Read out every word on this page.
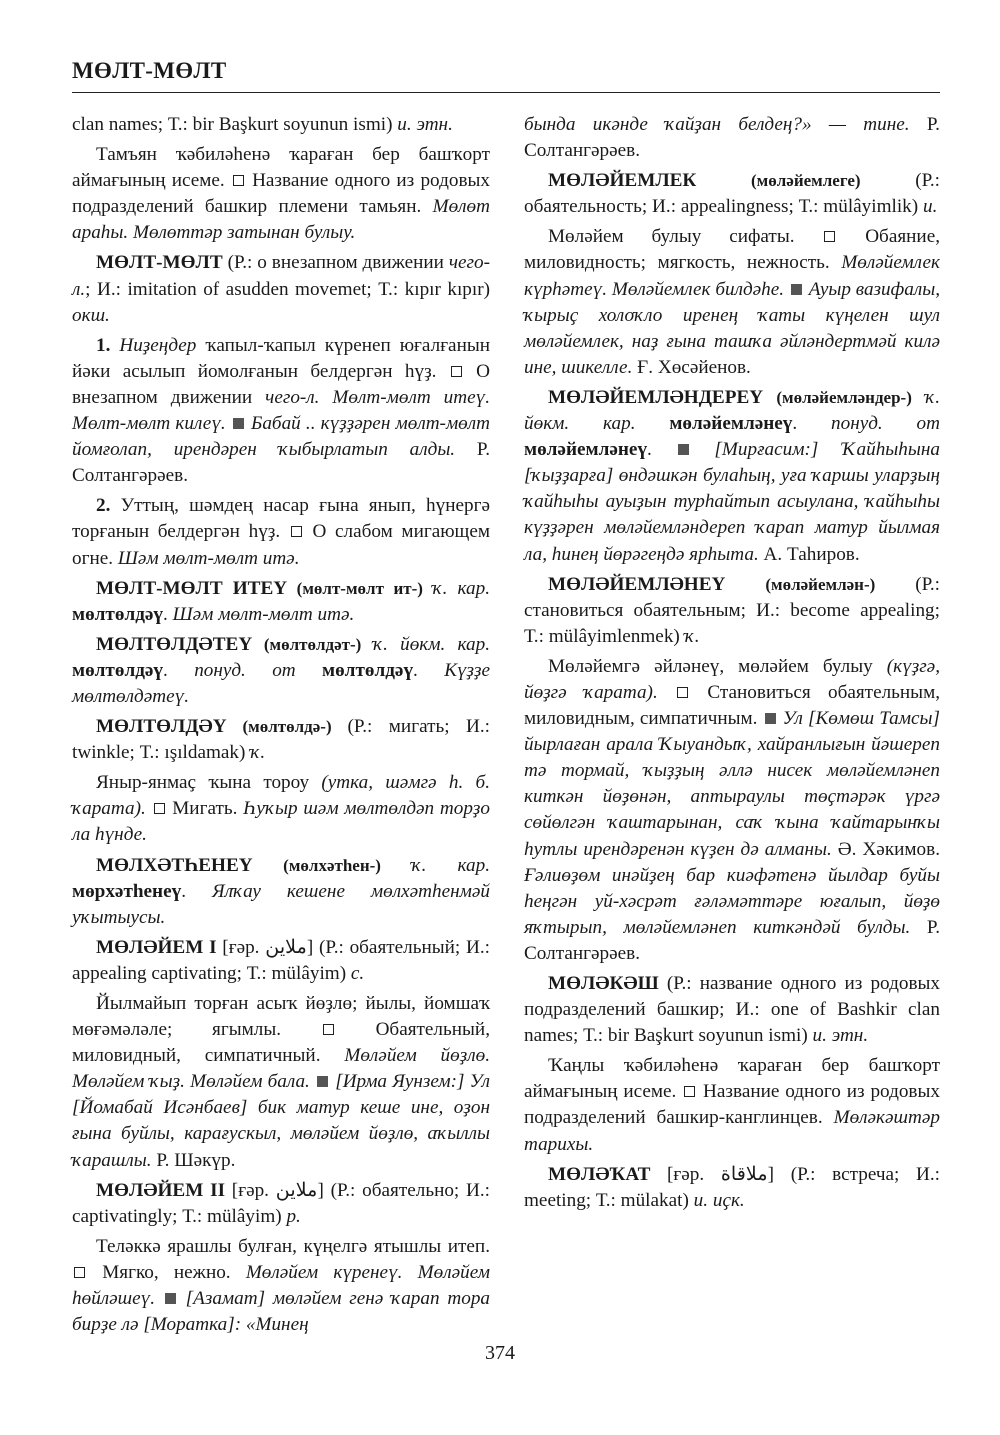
МӨЛТ-МӨЛТ

clan names; Т.: bir Başkurt soyunun ismi) и. этн.

Тамъян ҡәбиләһенә ҡараған бер башҡорт аймағының исеме.  Название одного из родовых подразделений башкир племени тамьян. Мөлөт араһы. Мөлөттәр затынан булыу.

МӨЛТ-МӨЛТ (Р.: о внезапном движении чего-л.; И.: imitation of asudden movemet; Т.: kıpır kıpır) окш.

1. Ниҙеңдер ҡапыл-ҡапыл күренеп юғалғанын йәки асылып йомолғанын белдергән һүҙ.  О внезапном движении чего-л. Мөлт-мөлт итеү. Мөлт-мөлт килеү.  Бабай .. күҙҙәрен мөлт-мөлт йомғолап, ирендәрен ҡыбырлатып алды. Р. Солтангәрәев.

2. Уттың, шәмдең насар ғына янып, һүнергә торғанын белдергән һүҙ.  О слабом мигающем огне. Шәм мөлт-мөлт итә.

МӨЛТ-МӨЛТ ИТЕҮ (мөлт-мөлт ит-) ҡ. кар. мөлтөлдәү. Шәм мөлт-мөлт итә.

МӨЛТӨЛДӘТЕҮ (мөлтөлдәт-) ҡ. йөкм. кар. мөлтөлдәү. понуд. от мөлтөлдәү. Күҙҙе мөлтөлдәтеү.

МӨЛТӨЛДӘҮ (мөлтөлдә-) (Р.: мигать; И.: twinkle; Т.: ışıldamak) ҡ.

Яныр-янмаҫ ҡына тороу (утка, шәмгә һ. б. ҡарата).  Мигать. Һуҡыр шәм мөлтөлдәп торҙо ла һүнде.

МӨЛХӘТҺЕНЕҮ (мөлхәтһен-) ҡ. кар. мөрхәтһенеү. Ялҡау кешене мөлхәтһенмәй уҡытыусы.

МӨЛӘЙЕМ I [ғәр. ملاين] (Р.: обаятельный; И.: appealing captivating; Т.: mülâyim) с.

Йылмайып торған асыҡ йөҙлө; йылы, йомшаҡ мөғәмәләле; ягымлы.  Обаятельный, миловидный, симпатичный. Мөләйем йөҙлө. Мөләйем ҡыҙ. Мөләйем бала.  [Ирма Яунзем:] Ул [Йомабай Исәнбаев] бик матур кеше ине, оҙон ғына буйлы, карағускыл, мөләйем йөҙлө, аҡыллы ҡарашлы. Р. Шәкүр.

МӨЛӘЙЕМ II [ғәр. ملاين] (Р.: обаятельно; И.: captivatingly; Т.: mülâyim) р.

Теләккә ярашлы булған, күңелгә ятышлы итеп.  Мягко, нежно. Мөләйем күренеү. Мөләйем һөйләшеү.  [Азамат] мөләйем генә ҡарап тора бирҙе лә [Моратка]: «Минең

бында икәнде ҡайҙан белдең?» — тине. Р. Солтангәрәев.

МӨЛӘЙЕМЛЕК (мөләйемлеге) (Р.: обаятельность; И.: appealingness; Т.: mülâyimlik) и.

Мөләйем булыу сифаты.  Обаяние, миловидность; мягкость, нежность. Мөләйемлек күрһәтеү. Мөләйемлек билдәһе.  Ауыр вазифалы, ҡырыҫ холоҡло иренең ҡаты күңелен шул мөләйемлек, наҙ ғына ташҡа әйләндертмәй килә ине, шикелле. Ғ. Хөсәйенов.

МӨЛӘЙЕМЛӘНДЕРЕҮ (мөләйемләндер-) ҡ. йөкм. кар. мөләйемләнеү. понуд. от мөләйемләнеү.  [Мирғасим:] Ҡайһыһына [ҡыҙҙарға] өндәшкән булаһың, уға ҡаршы уларҙың ҡайһыһы ауыҙын турһайтып асыулана, ҡайһыһы күҙҙәрен мөләйемләндереп ҡарап матур йылмая ла, һинең йөрәгеңдә ярһыта. А. Таһиров.

МӨЛӘЙЕМЛӘНЕҮ (мөләйемлән-) (Р.: становиться обаятельным; И.: become appealing; Т.: mülâyimlenmek) ҡ.

Мөләйемгә әйләнеү, мөләйем булыу (күҙгә, йөҙгә ҡарата).  Становиться обаятельным, миловидным, симпатичным.  Ул [Көмөш Тамсы] йырлаған арала Ҡыуандыҡ, хайранлығын йәшереп тә тормай, ҡыҙҙың әллә нисек мөләйемләнеп киткән йөҙөнән, аптыраулы төҫтәрәк үргә сөйөлгән ҡаштарынан, саҡ ҡына ҡайтарынҡы һутлы ирендәренән күҙен дә алманы. Ә. Хәкимов. Ғәлиөҙөм инәйҙең бар киәфәтенә йылдар буйы һеңгән уй-хәсрәт ғәләмәттәре юғалып, йөҙө яҡтырып, мөләйемләнеп киткәндәй булды. Р. Солтангәрәев.

МӨЛӘКӘШ (Р.: название одного из родовых подразделений башкир; И.: one of Bashkir clan names; Т.: bir Başkurt soyunun ismi) и. этн.

Ҡаңлы ҡәбиләһенә ҡараған бер башҡорт аймағының исеме.  Название одного из родовых подразделений башкир-канглинцев. Мөләкәштәр тарихы.

МӨЛӘҠАТ [ғәр. ملاقاة] (Р.: встреча; И.: meeting; Т.: mülakat) и. иҫк.

374
